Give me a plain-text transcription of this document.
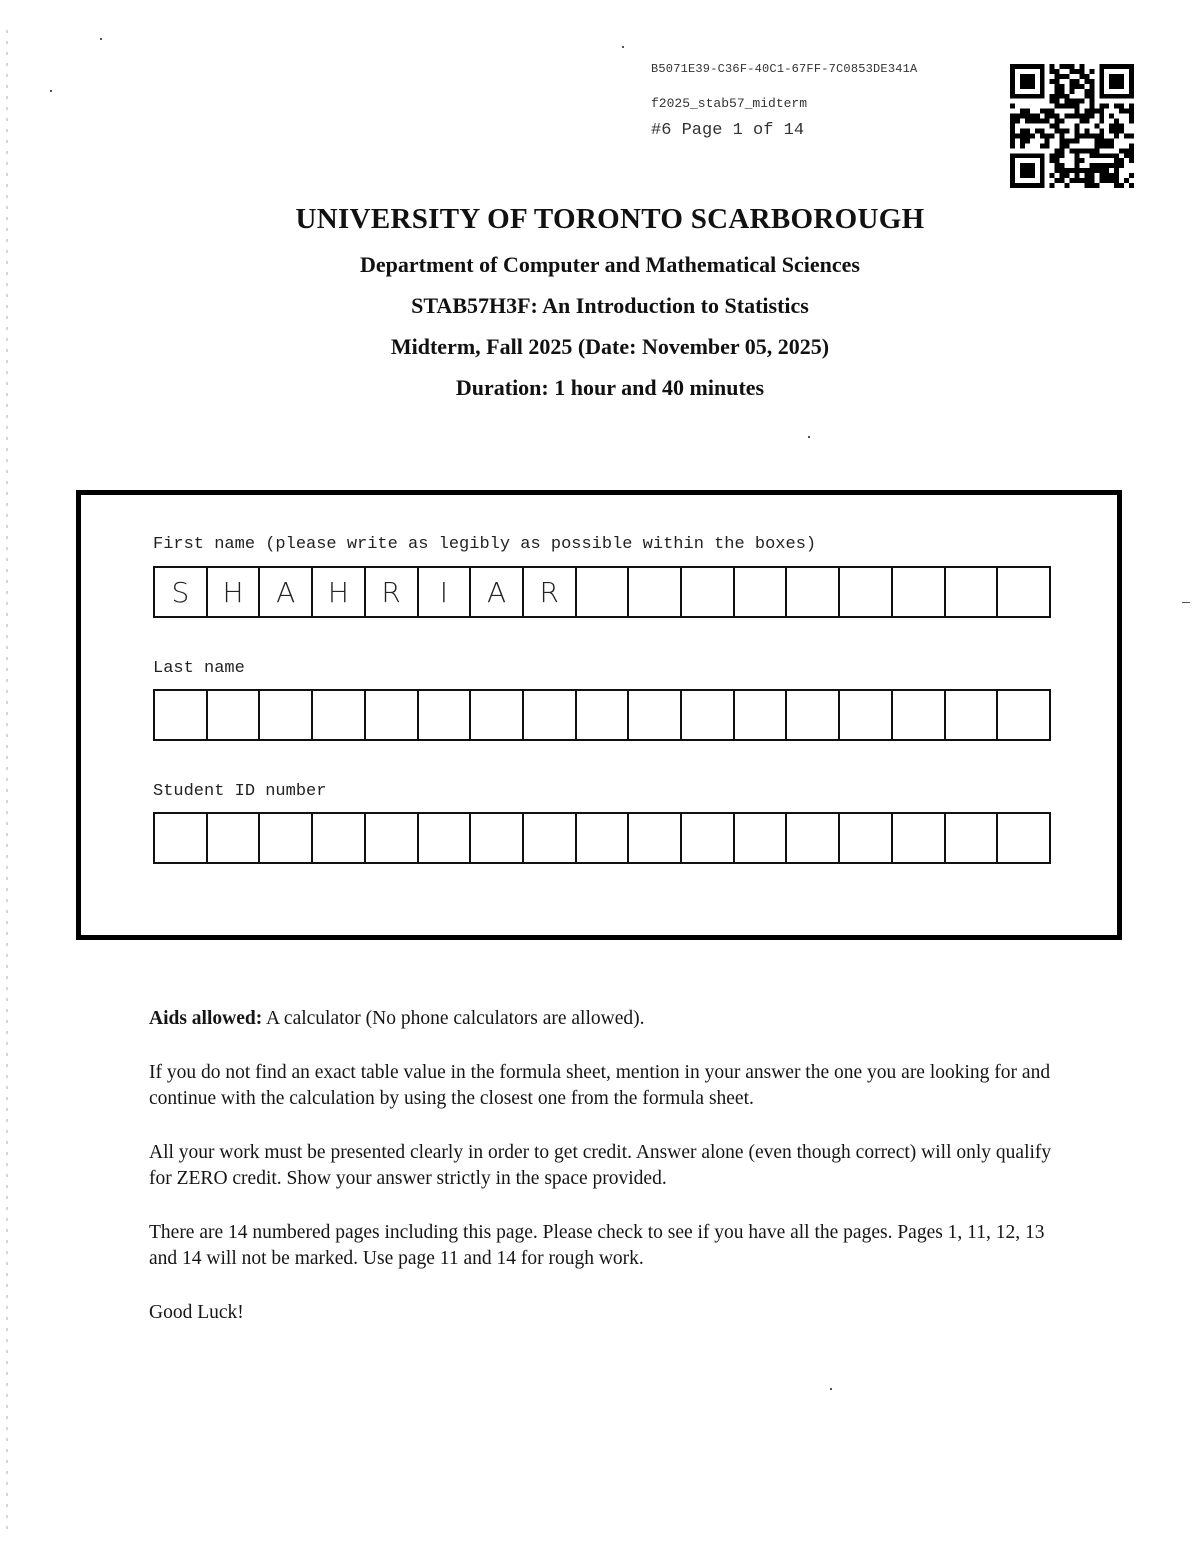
B5071E39-C36F-40C1-67FF-7C0853DE341A
f2025_stab57_midterm
#6 Page 1 of 14
UNIVERSITY OF TORONTO SCARBOROUGH
Department of Computer and Mathematical Sciences
STAB57H3F: An Introduction to Statistics
Midterm, Fall 2025 (Date: November 05, 2025)
Duration: 1 hour and 40 minutes
First name (please write as legibly as possible within the boxes)
S	H	A	H	R	I	A	R
Last name
Student ID number

Aids allowed: A calculator (No phone calculators are allowed).

If you do not find an exact table value in the formula sheet, mention in your answer the one you are looking for and continue with the calculation by using the closest one from the formula sheet.

All your work must be presented clearly in order to get credit. Answer alone (even though correct) will only qualify for ZERO credit. Show your answer strictly in the space provided.

There are 14 numbered pages including this page. Please check to see if you have all the pages. Pages 1, 11, 12, 13 and 14 will not be marked. Use page 11 and 14 for rough work.

Good Luck!
